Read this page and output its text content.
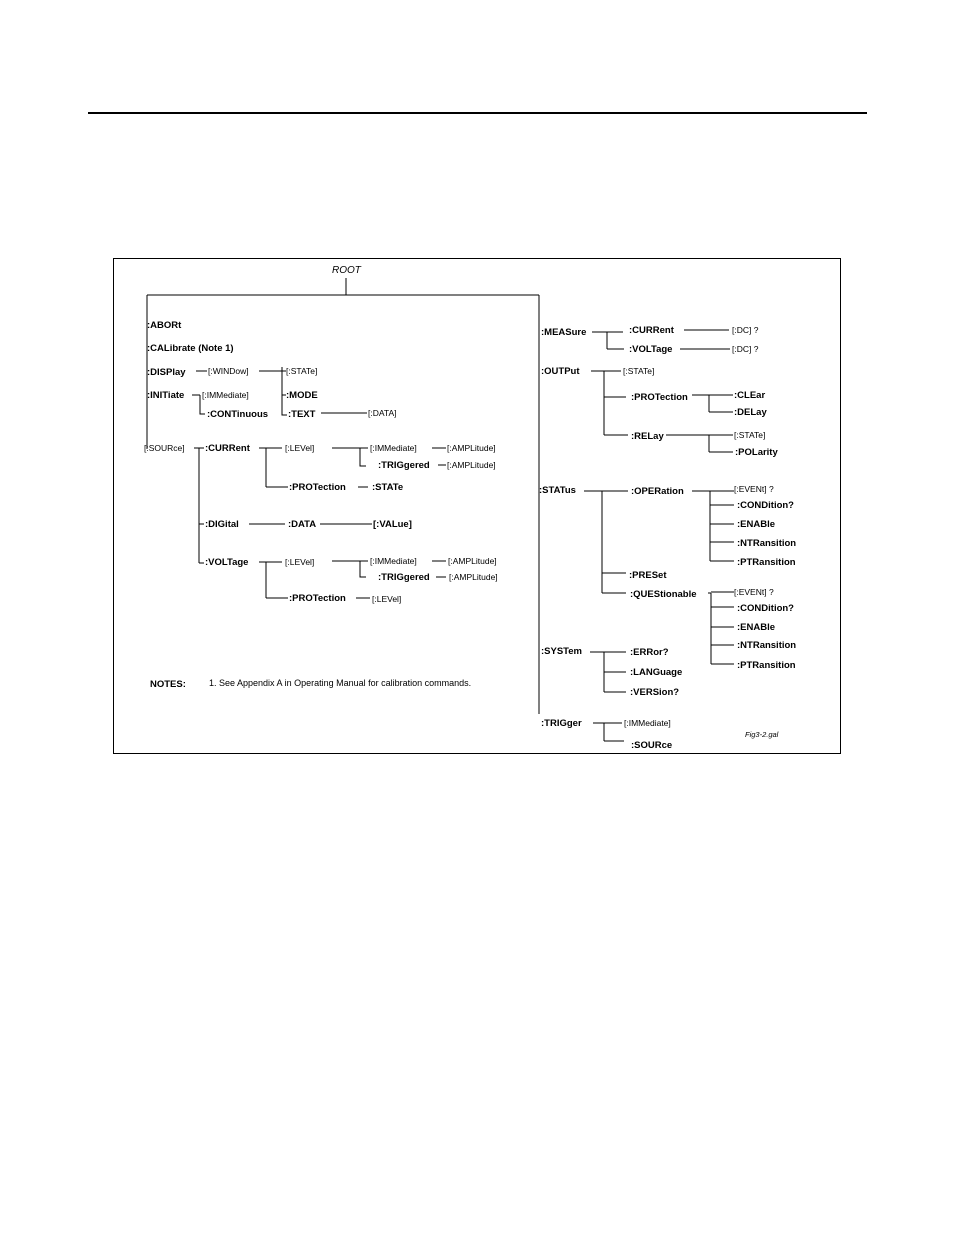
ROOT
:ABORt
:CALibrate (Note 1)
:DISPlay	[:WINDow]	[:STATe]
:MODE
:TEXT	[:DATA]
:INITiate [:IMMediate]
:CONTinuous
[:SOURce] :CURRent	[:LEVel]
:PROTection	:STATe
[:IMMediate]	[:AMPLitude]
:TRIGgered [:AMPLitude]
:DIGital	:DATA	[:VALue]
:VOLTage	[:LEVel]
:PROTection	[:LEVel]
[:IMMediate]	[:AMPLitude]
:TRIGgered [:AMPLitude]
NOTES:	1. See Appendix A in Operating Manual for calibration commands.
:MEASure	:CURRent	[:DC] ?
:VOLTage	[:DC] ?
:OUTPut	[:STATe]
:PROTection	:CLEar
:DELay
:RELay	[:STATe]
:POLarity
:STATus	:OPERation
:PRESet
:QUEStionable
[:EVENt] ?
:CONDition?
:ENABle
:NTRansition
:PTRansition
[:EVENt] ?
:CONDition?
:ENABle
:NTRansition
:PTRansition
:SYSTem	:ERRor?
:LANGuage
:VERSion?
:TRIGger	[:IMMediate]
:SOURce
Fig3-2.gal
